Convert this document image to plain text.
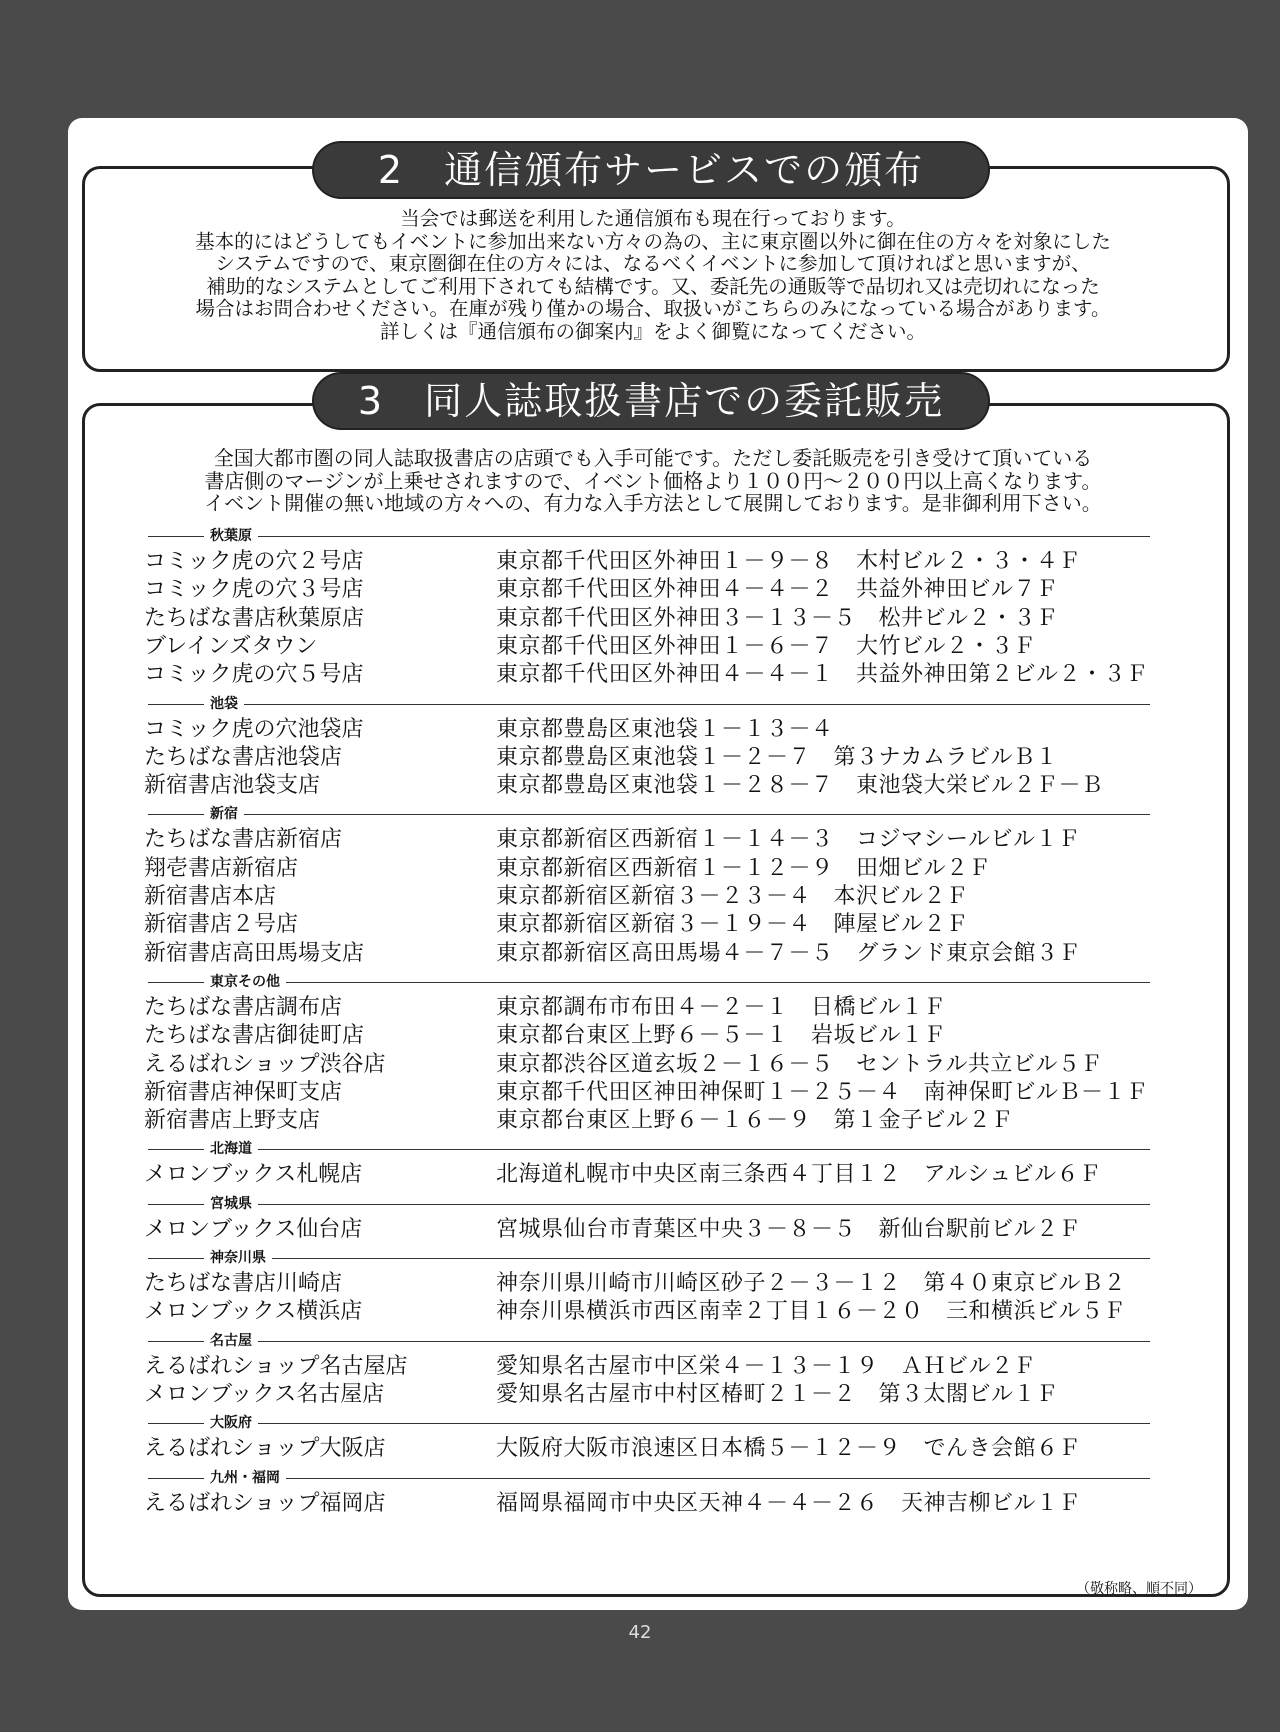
2　通信頒布サービスでの頒布
当会では郵送を利用した通信頒布も現在行っております。
基本的にはどうしてもイベントに参加出来ない方々の為の、主に東京圏以外に御在住の方々を対象にした
システムですので、東京圏御在住の方々には、なるべくイベントに参加して頂ければと思いますが、
補助的なシステムとしてご利用下されても結構です。又、委託先の通販等で品切れ又は売切れになった
場合はお問合わせください。在庫が残り僅かの場合、取扱いがこちらのみになっている場合があります。
詳しくは『通信頒布の御案内』をよく御覧になってください。
3　同人誌取扱書店での委託販売
全国大都市圏の同人誌取扱書店の店頭でも入手可能です。ただし委託販売を引き受けて頂いている
書店側のマージンが上乗せされますので、イベント価格より１００円～２００円以上高くなります。
イベント開催の無い地域の方々への、有力な入手方法として展開しております。是非御利用下さい。
秋葉原
コミック虎の穴２号店	東京都千代田区外神田１－９－８　木村ビル２・３・４Ｆ
コミック虎の穴３号店	東京都千代田区外神田４－４－２　共益外神田ビル７Ｆ
たちばな書店秋葉原店	東京都千代田区外神田３－１３－５　松井ビル２・３Ｆ
ブレインズタウン	東京都千代田区外神田１－６－７　大竹ビル２・３Ｆ
コミック虎の穴５号店	東京都千代田区外神田４－４－１　共益外神田第２ビル２・３Ｆ
池袋
コミック虎の穴池袋店	東京都豊島区東池袋１－１３－４
たちばな書店池袋店	東京都豊島区東池袋１－２－７　第３ナカムラビルＢ１
新宿書店池袋支店	東京都豊島区東池袋１－２８－７　東池袋大栄ビル２Ｆ－Ｂ
新宿
たちばな書店新宿店	東京都新宿区西新宿１－１４－３　コジマシールビル１Ｆ
翔壱書店新宿店	東京都新宿区西新宿１－１２－９　田畑ビル２Ｆ
新宿書店本店	東京都新宿区新宿３－２３－４　本沢ビル２Ｆ
新宿書店２号店	東京都新宿区新宿３－１９－４　陣屋ビル２Ｆ
新宿書店高田馬場支店	東京都新宿区高田馬場４－７－５　グランド東京会館３Ｆ
東京その他
たちばな書店調布店	東京都調布市布田４－２－１　日橋ビル１Ｆ
たちばな書店御徒町店	東京都台東区上野６－５－１　岩坂ビル１Ｆ
えるばれショップ渋谷店	東京都渋谷区道玄坂２－１６－５　セントラル共立ビル５Ｆ
新宿書店神保町支店	東京都千代田区神田神保町１－２５－４　南神保町ビルＢ－１Ｆ
新宿書店上野支店	東京都台東区上野６－１６－９　第１金子ビル２Ｆ
北海道
メロンブックス札幌店	北海道札幌市中央区南三条西４丁目１２　アルシュビル６Ｆ
宮城県
メロンブックス仙台店	宮城県仙台市青葉区中央３－８－５　新仙台駅前ビル２Ｆ
神奈川県
たちばな書店川崎店	神奈川県川崎市川崎区砂子２－３－１２　第４０東京ビルＢ２
メロンブックス横浜店	神奈川県横浜市西区南幸２丁目１６－２０　三和横浜ビル５Ｆ
名古屋
えるばれショップ名古屋店	愛知県名古屋市中区栄４－１３－１９　ＡＨビル２Ｆ
メロンブックス名古屋店	愛知県名古屋市中村区椿町２１－２　第３太閤ビル１Ｆ
大阪府
えるばれショップ大阪店	大阪府大阪市浪速区日本橋５－１２－９　でんき会館６Ｆ
九州・福岡
えるばれショップ福岡店	福岡県福岡市中央区天神４－４－２６　天神吉柳ビル１Ｆ
（敬称略、順不同）
42
